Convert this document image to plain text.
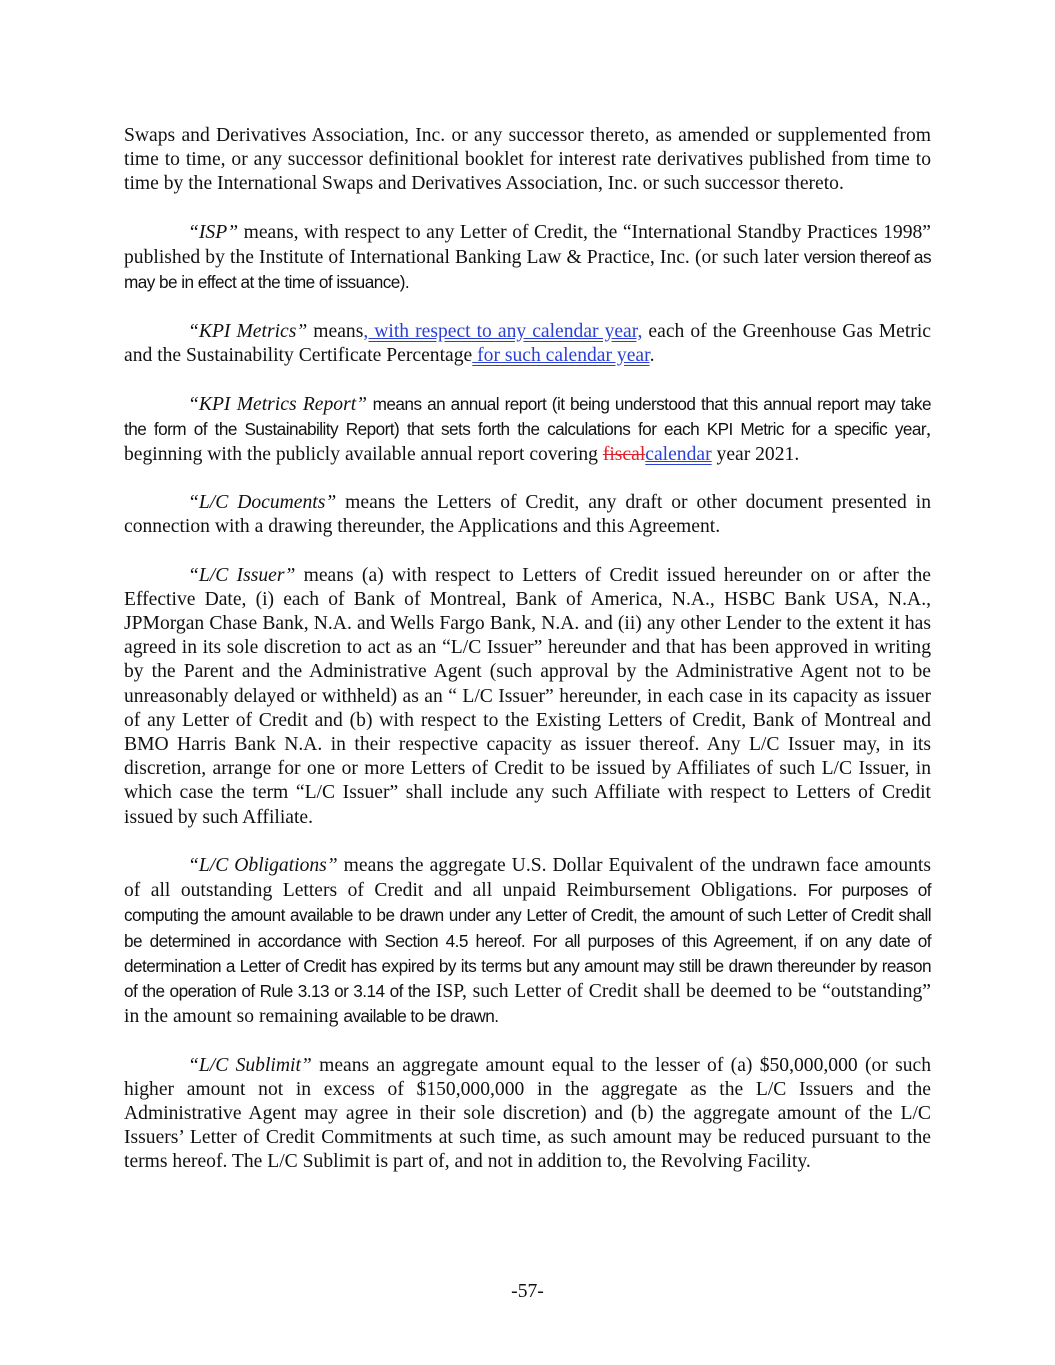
Swaps and Derivatives Association, Inc. or any successor thereto, as amended or supplemented from time to time, or any successor definitional booklet for interest rate derivatives published from time to time by the International Swaps and Derivatives Association, Inc. or such successor thereto.

“ISP” means, with respect to any Letter of Credit, the “International Standby Practices 1998” published by the Institute of International Banking Law & Practice, Inc. (or such later version thereof as may be in effect at the time of issuance).

“KPI Metrics” means, with respect to any calendar year, each of the Greenhouse Gas Metric and the Sustainability Certificate Percentage for such calendar year.

“KPI Metrics Report” means an annual report (it being understood that this annual report may take the form of the Sustainability Report) that sets forth the calculations for each KPI Metric for a specific year, beginning with the publicly available annual report covering fiscalcalendar year 2021.

“L/C Documents” means the Letters of Credit, any draft or other document presented in connection with a drawing thereunder, the Applications and this Agreement.

“L/C Issuer” means (a) with respect to Letters of Credit issued hereunder on or after the Effective Date, (i) each of Bank of Montreal, Bank of America, N.A., HSBC Bank USA, N.A., JPMorgan Chase Bank, N.A. and Wells Fargo Bank, N.A. and (ii) any other Lender to the extent it has agreed in its sole discretion to act as an “L/C Issuer” hereunder and that has been approved in writing by the Parent and the Administrative Agent (such approval by the Administrative Agent not to be unreasonably delayed or withheld) as an “ L/C Issuer” hereunder, in each case in its capacity as issuer of any Letter of Credit and (b) with respect to the Existing Letters of Credit, Bank of Montreal and BMO Harris Bank N.A. in their respective capacity as issuer thereof. Any L/C Issuer may, in its discretion, arrange for one or more Letters of Credit to be issued by Affiliates of such L/C Issuer, in which case the term “L/C Issuer” shall include any such Affiliate with respect to Letters of Credit issued by such Affiliate.

“L/C Obligations” means the aggregate U.S. Dollar Equivalent of the undrawn face amounts of all outstanding Letters of Credit and all unpaid Reimbursement Obligations. For purposes of computing the amount available to be drawn under any Letter of Credit, the amount of such Letter of Credit shall be determined in accordance with Section 4.5 hereof. For all purposes of this Agreement, if on any date of determination a Letter of Credit has expired by its terms but any amount may still be drawn thereunder by reason of the operation of Rule 3.13 or 3.14 of the ISP, such Letter of Credit shall be deemed to be “outstanding” in the amount so remaining available to be drawn.

“L/C Sublimit” means an aggregate amount equal to the lesser of (a) $50,000,000 (or such higher amount not in excess of $150,000,000 in the aggregate as the L/C Issuers and the Administrative Agent may agree in their sole discretion) and (b) the aggregate amount of the L/C Issuers’ Letter of Credit Commitments at such time, as such amount may be reduced pursuant to the terms hereof. The L/C Sublimit is part of, and not in addition to, the Revolving Facility.

-57-
